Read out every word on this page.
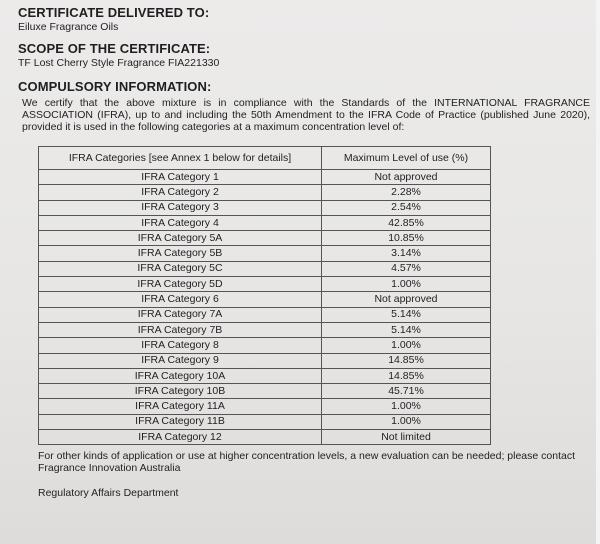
CERTIFICATE DELIVERED TO:
Eiluxe Fragrance Oils
SCOPE OF THE CERTIFICATE:
TF Lost Cherry Style Fragrance FIA221330
COMPULSORY INFORMATION:
We certify that the above mixture is in compliance with the Standards of the INTERNATIONAL FRAGRANCE ASSOCIATION (IFRA), up to and including the 50th Amendment to the IFRA Code of Practice (published June 2020), provided it is used in the following categories at a maximum concentration level of:
IFRA Categories [see Annex 1 below for details]	Maximum Level of use (%)
IFRA Category 1	Not approved
IFRA Category 2	2.28%
IFRA Category 3	2.54%
IFRA Category 4	42.85%
IFRA Category 5A	10.85%
IFRA Category 5B	3.14%
IFRA Category 5C	4.57%
IFRA Category 5D	1.00%
IFRA Category 6	Not approved
IFRA Category 7A	5.14%
IFRA Category 7B	5.14%
IFRA Category 8	1.00%
IFRA Category 9	14.85%
IFRA Category 10A	14.85%
IFRA Category 10B	45.71%
IFRA Category 11A	1.00%
IFRA Category 11B	1.00%
IFRA Category 12	Not limited
For other kinds of application or use at higher concentration levels, a new evaluation can be needed; please contact Fragrance Innovation Australia
Regulatory Affairs Department
